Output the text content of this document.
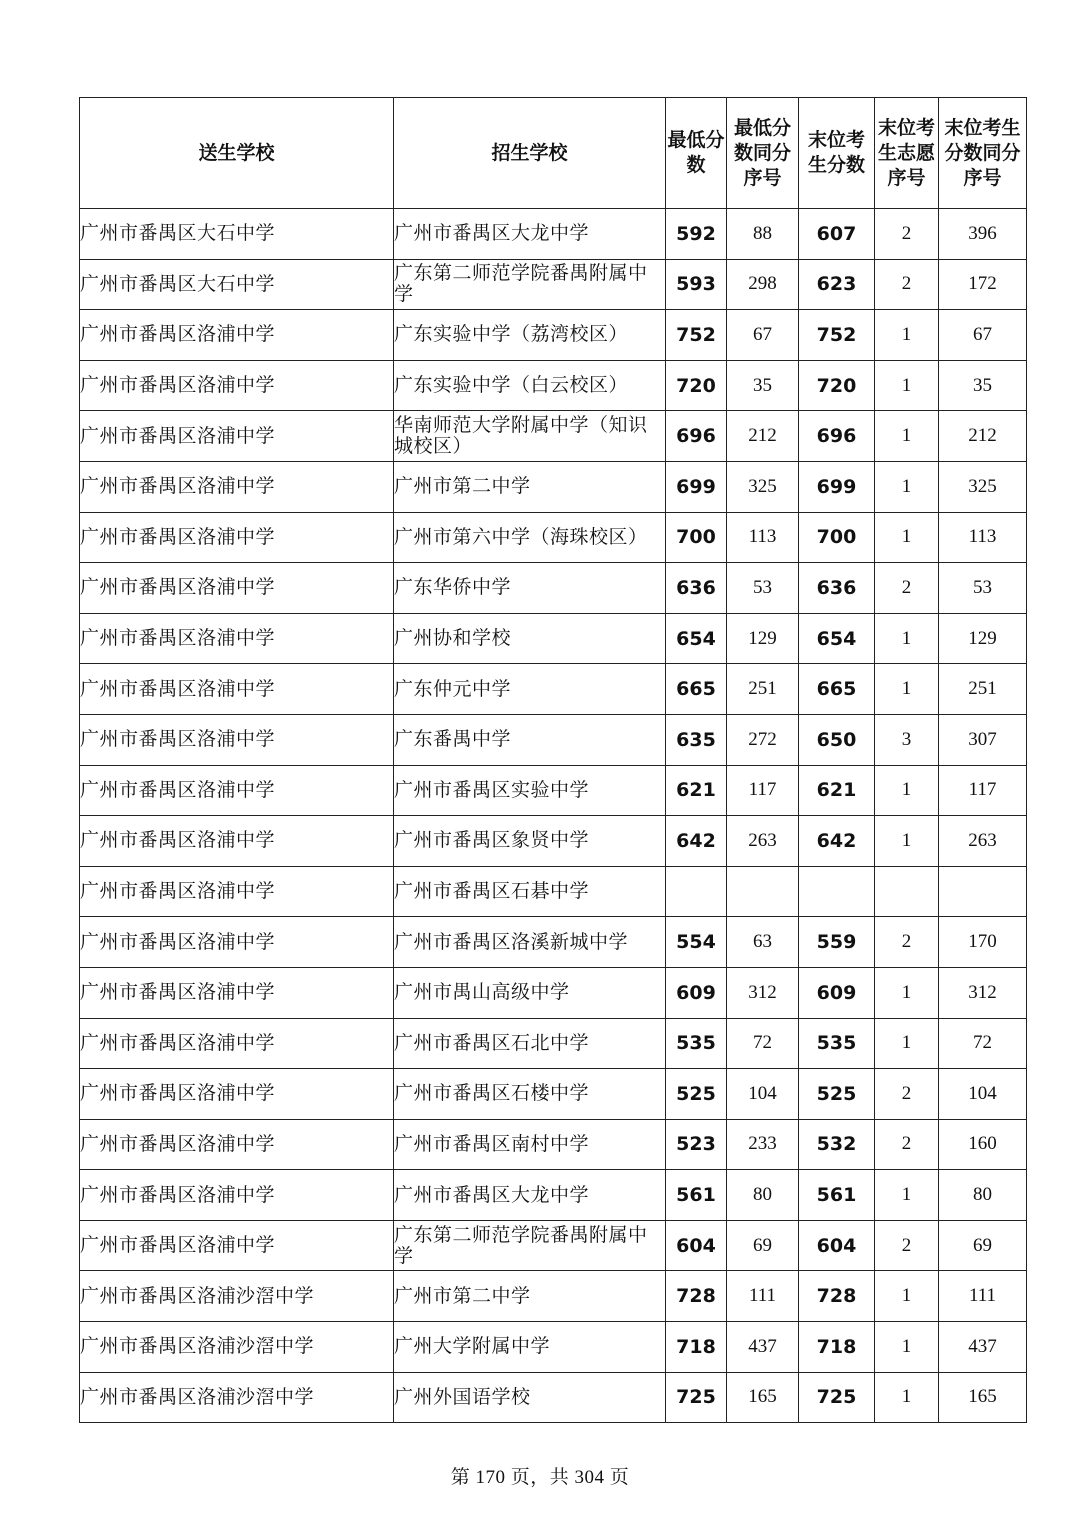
送生学校	招生学校	最低分数	最低分数同分序号	末位考生分数	末位考生志愿序号	末位考生分数同分序号
广州市番禺区大石中学	广州市番禺区大龙中学	592	88	607	2	396
广州市番禺区大石中学	广东第二师范学院番禺附属中学	593	298	623	2	172
广州市番禺区洛浦中学	广东实验中学（荔湾校区）	752	67	752	1	67
广州市番禺区洛浦中学	广东实验中学（白云校区）	720	35	720	1	35
广州市番禺区洛浦中学	华南师范大学附属中学（知识城校区）	696	212	696	1	212
广州市番禺区洛浦中学	广州市第二中学	699	325	699	1	325
广州市番禺区洛浦中学	广州市第六中学（海珠校区）	700	113	700	1	113
广州市番禺区洛浦中学	广东华侨中学	636	53	636	2	53
广州市番禺区洛浦中学	广州协和学校	654	129	654	1	129
广州市番禺区洛浦中学	广东仲元中学	665	251	665	1	251
广州市番禺区洛浦中学	广东番禺中学	635	272	650	3	307
广州市番禺区洛浦中学	广州市番禺区实验中学	621	117	621	1	117
广州市番禺区洛浦中学	广州市番禺区象贤中学	642	263	642	1	263
广州市番禺区洛浦中学	广州市番禺区石碁中学					
广州市番禺区洛浦中学	广州市番禺区洛溪新城中学	554	63	559	2	170
广州市番禺区洛浦中学	广州市禺山高级中学	609	312	609	1	312
广州市番禺区洛浦中学	广州市番禺区石北中学	535	72	535	1	72
广州市番禺区洛浦中学	广州市番禺区石楼中学	525	104	525	2	104
广州市番禺区洛浦中学	广州市番禺区南村中学	523	233	532	2	160
广州市番禺区洛浦中学	广州市番禺区大龙中学	561	80	561	1	80
广州市番禺区洛浦中学	广东第二师范学院番禺附属中学	604	69	604	2	69
广州市番禺区洛浦沙滘中学	广州市第二中学	728	111	728	1	111
广州市番禺区洛浦沙滘中学	广州大学附属中学	718	437	718	1	437
广州市番禺区洛浦沙滘中学	广州外国语学校	725	165	725	1	165
第 170 页，共 304 页
